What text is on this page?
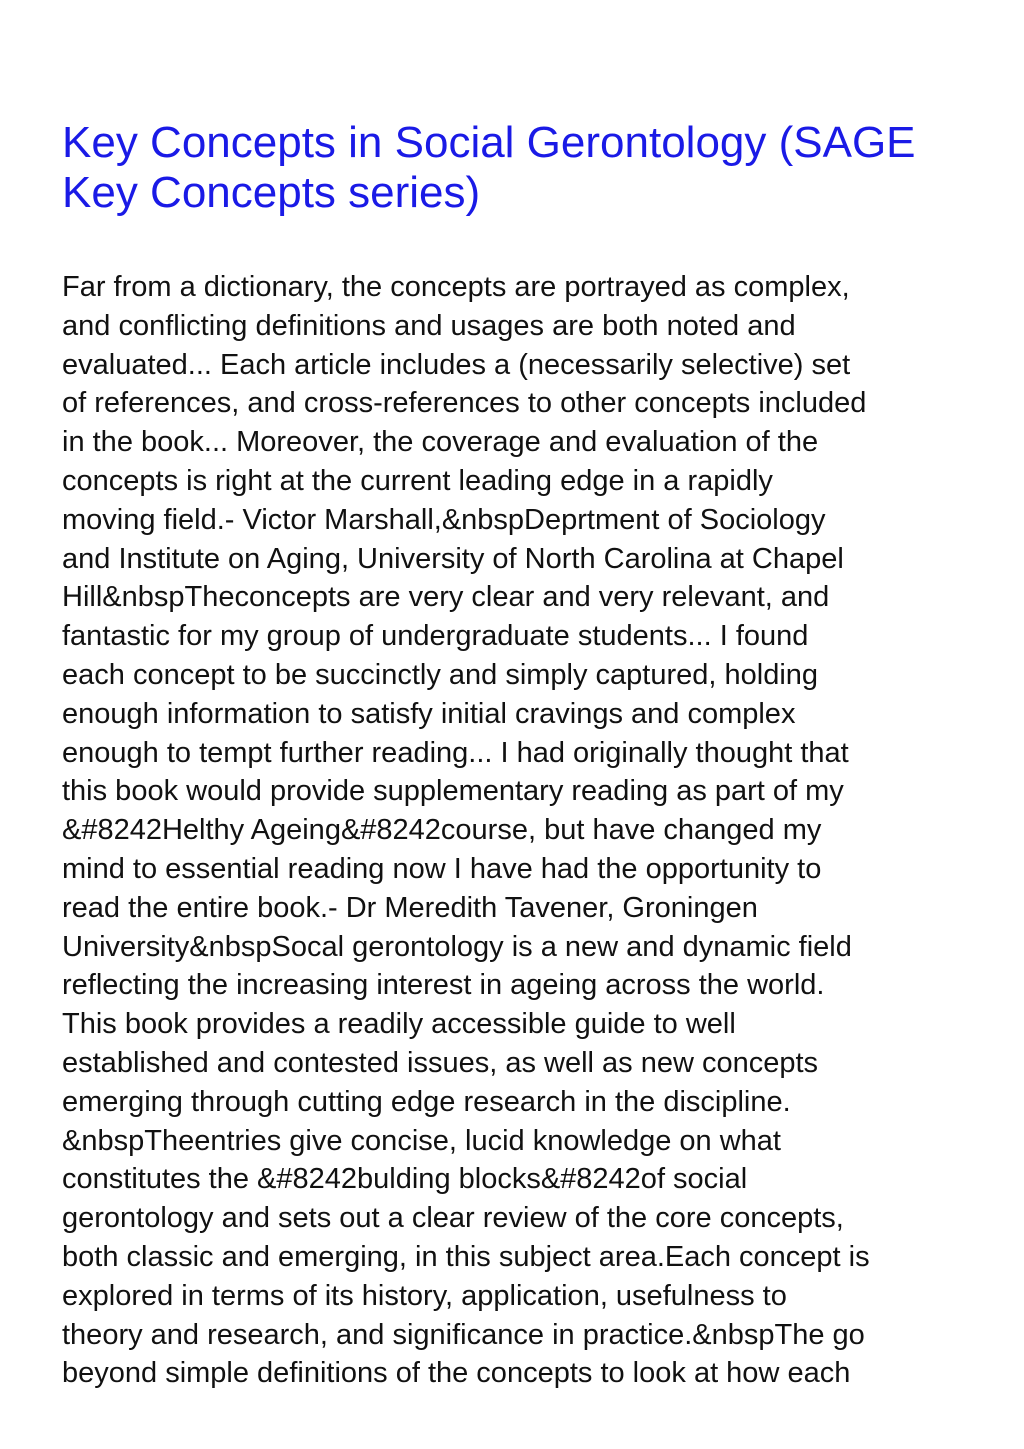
Key Concepts in Social Gerontology (SAGE
Key Concepts series)
Far from a dictionary, the concepts are portrayed as complex,
and conflicting definitions and usages are both noted and
evaluated... Each article includes a (necessarily selective) set
of references, and cross-references to other concepts included
in the book... Moreover, the coverage and evaluation of the
concepts is right at the current leading edge in a rapidly
moving field.- Victor Marshall,&nbspDeprtment of Sociology
and Institute on Aging, University of North Carolina at Chapel
Hill&nbspTheconcepts are very clear and very relevant, and
fantastic for my group of undergraduate students... I found
each concept to be succinctly and simply captured, holding
enough information to satisfy initial cravings and complex
enough to tempt further reading... I had originally thought that
this book would provide supplementary reading as part of my
&#8242Helthy Ageing&#8242course, but have changed my
mind to essential reading now I have had the opportunity to
read the entire book.- Dr Meredith Tavener, Groningen
University&nbspSocal gerontology is a new and dynamic field
reflecting the increasing interest in ageing across the world.
This book provides a readily accessible guide to well
established and contested issues, as well as new concepts
emerging through cutting edge research in the discipline.
&nbspTheentries give concise, lucid knowledge on what
constitutes the &#8242bulding blocks&#8242of social
gerontology and sets out a clear review of the core concepts,
both classic and emerging, in this subject area.Each concept is
explored in terms of its history, application, usefulness to
theory and research, and significance in practice.&nbspThe go
beyond simple definitions of the concepts to look at how each
